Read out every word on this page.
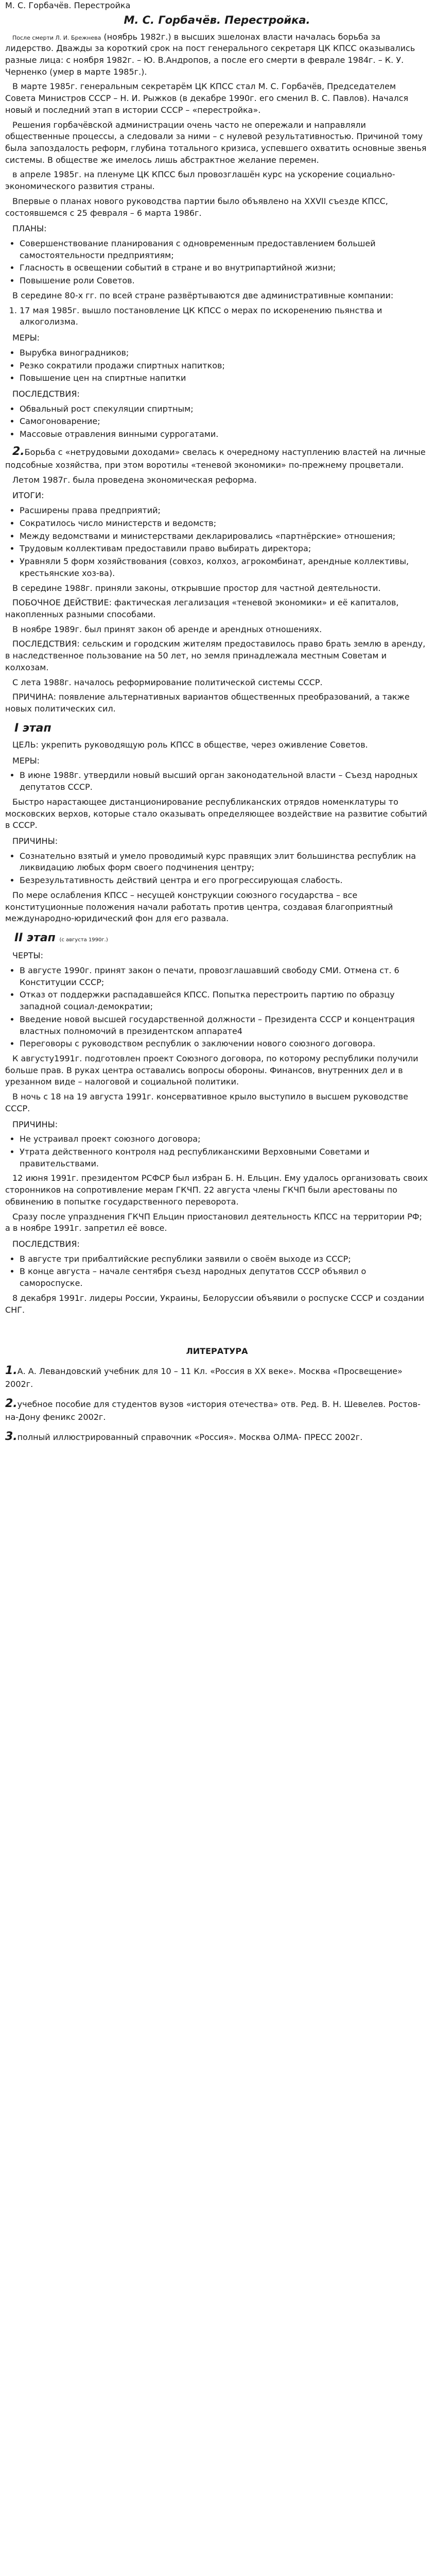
М. С. Горбачёв. Перестройка

М. С. Горбачёв. Перестройка.

После смерти Л. И. Брежнева (ноябрь 1982г.) в высших эшелонах власти началась борьба за лидерство. Дважды за короткий срок на пост генерального секретаря ЦК КПСС оказывались разные лица: с ноября 1982г. – Ю. В.Андропов, а после его смерти в феврале 1984г. – К. У. Черненко (умер в марте 1985г.).

В марте 1985г. генеральным секретарём ЦК КПСС стал М. С. Горбачёв, Председателем Совета Министров СССР – Н. И. Рыжков (в декабре 1990г. его сменил В. С. Павлов). Начался новый и последний этап в истории СССР – «перестройка».

Решения горбачёвской администрации очень часто не опережали и направляли общественные процессы, а следовали за ними – с нулевой результативностью. Причиной тому была запоздалость реформ, глубина тотального кризиса, успевшего охватить основные звенья системы. В обществе же имелось лишь абстрактное желание перемен.

в апреле 1985г. на пленуме ЦК КПСС был провозглашён курс на ускорение социально-экономического развития страны.

Впервые о планах нового руководства партии было объявлено на XXVII съезде КПСС, состоявшемся с 25 февраля – 6 марта 1986г.

ПЛАНЫ:

• Совершенствование планирования с одновременным предоставлением большей самостоятельности предприятиям;
• Гласность в освещении событий в стране и во внутрипартийной жизни;
• Повышение роли Советов.

В середине 80-х гг. по всей стране развёртываются две административные компании:

1. 17 мая 1985г. вышло постановление ЦК КПСС о мерах по искоренению пьянства и алкоголизма.

МЕРЫ:

• Вырубка виноградников;
• Резко сократили продажи спиртных напитков;
• Повышение цен на спиртные напитки

ПОСЛЕДСТВИЯ:

• Обвальный рост спекуляции спиртным;
• Самогоноварение;
• Массовые отравления винными суррогатами.

2.Борьба с «нетрудовыми доходами» свелась к очередному наступлению властей на личные подсобные хозяйства, при этом воротилы «теневой экономики» по-прежнему процветали.

Летом 1987г. была проведена экономическая реформа.

ИТОГИ:

• Расширены права предприятий;
• Сократилось число министерств и ведомств;
• Между ведомствами и министерствами декларировались «партнёрские» отношения;
• Трудовым коллективам предоставили право выбирать директора;
• Уравняли 5 форм хозяйствования (совхоз, колхоз, агрокомбинат, арендные коллективы, крестьянские хоз-ва).

В середине 1988г. приняли законы, открывшие простор для частной деятельности.

ПОБОЧНОЕ ДЕЙСТВИЕ: фактическая легализация «теневой экономики» и её капиталов, накопленных разными способами.

В ноябре 1989г. был принят закон об аренде и арендных отношениях.

ПОСЛЕДСТВИЯ: сельским и городским жителям предоставилось право брать землю в аренду, в наследственное пользование на 50 лет, но земля принадлежала местным Советам и колхозам.

С лета 1988г. началось реформирование политической системы СССР.

ПРИЧИНА: появление альтернативных вариантов общественных преобразований, а также новых политических сил.

I этап

ЦЕЛЬ: укрепить руководящую роль КПСС в обществе, через оживление Советов.

МЕРЫ:

• В июне 1988г. утвердили новый высший орган законодательной власти – Съезд народных депутатов СССР.

Быстро нарастающее дистанционирование республиканских отрядов номенклатуры то московских верхов, которые стало оказывать определяющее воздействие на развитие событий в СССР.

ПРИЧИНЫ:

• Сознательно взятый и умело проводимый курс правящих элит большинства республик на ликвидацию любых форм своего подчинения центру;
• Безрезультативность действий центра и его прогрессирующая слабость.

По мере ослабления КПСС – несущей конструкции союзного государства – все конституционные положения начали работать против центра, создавая благоприятный международно-юридический фон для его развала.

II этап (с августа 1990г.)

ЧЕРТЫ:

• В августе 1990г. принят закон о печати, провозглашавший свободу СМИ. Отмена ст. 6 Конституции СССР;
• Отказ от поддержки распадавшейся КПСС. Попытка перестроить партию по образцу западной социал-демократии;
• Введение новой высшей государственной должности – Президента СССР и концентрация властных полномочий в президентском аппарате4
• Переговоры с руководством республик о заключении нового союзного договора.

К августу1991г. подготовлен проект Союзного договора, по которому республики получили больше прав. В руках центра оставались вопросы обороны. Финансов, внутренних дел и в урезанном виде – налоговой и социальной политики.

В ночь с 18 на 19 августа 1991г. консервативное крыло выступило в высшем руководстве СССР.

ПРИЧИНЫ:

• Не устраивал проект союзного договора;
• Утрата действенного контроля над республиканскими Верховными Советами и правительствами.

12 июня 1991г. президентом РСФСР был избран Б. Н. Ельцин. Ему удалось организовать своих сторонников на сопротивление мерам ГКЧП. 22 августа члены ГКЧП были арестованы по обвинению в попытке государственного переворота.

Сразу после упразднения ГКЧП Ельцин приостановил деятельность КПСС на территории РФ; а в ноябре 1991г. запретил её вовсе.

ПОСЛЕДСТВИЯ:

• В августе три прибалтийские республики заявили о своём выходе из СССР;
• В конце августа – начале сентября съезд народных депутатов СССР объявил о самороспуске.

8 декабря 1991г. лидеры России, Украины, Белоруссии объявили о роспуске СССР и создании СНГ.

ЛИТЕРАТУРА

1.А. А. Левандовский учебник для 10 – 11 Кл. «Россия в XX веке». Москва «Просвещение» 2002г.

2.учебное пособие для студентов вузов «история отечества» отв. Ред. В. Н. Шевелев. Ростов-на-Дону феникс 2002г.

3.полный иллюстрированный справочник «Россия». Москва ОЛМА- ПРЕСС 2002г.
